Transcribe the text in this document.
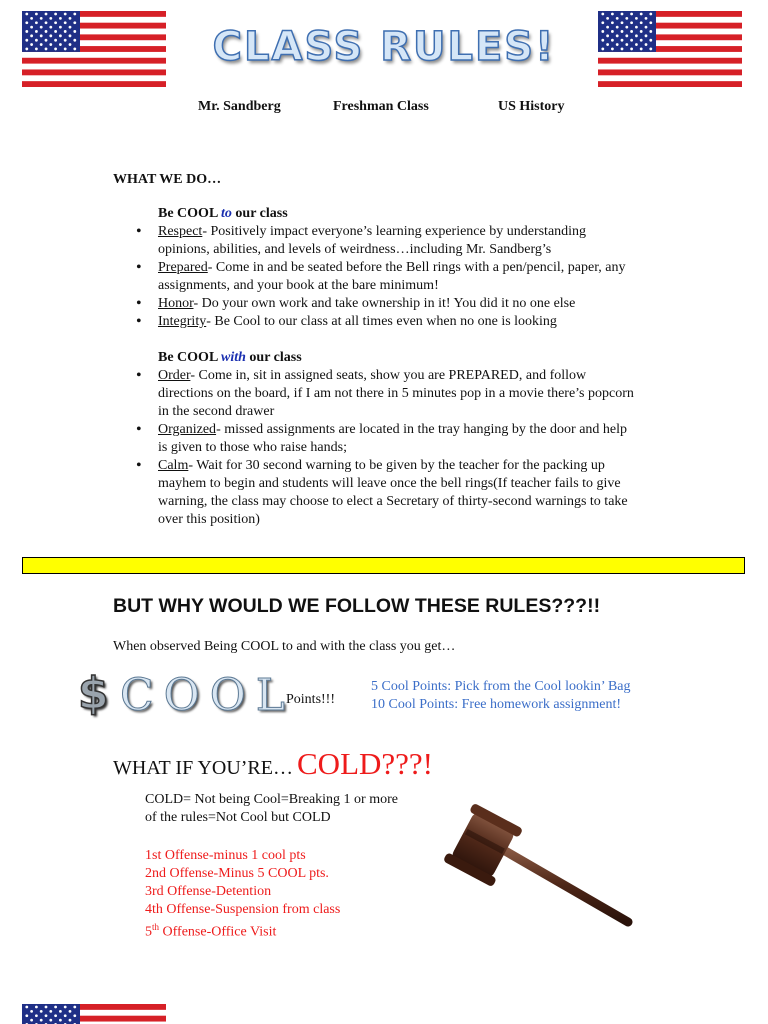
CLASS RULES!
Mr. Sandberg	Freshman Class	US History
WHAT WE DO…
Be COOL to our class
• Respect- Positively impact everyone’s learning experience by understanding opinions, abilities, and levels of weirdness…including Mr. Sandberg’s
• Prepared- Come in and be seated before the Bell rings with a pen/pencil, paper, any assignments, and your book at the bare minimum!
• Honor- Do your own work and take ownership in it! You did it no one else
• Integrity- Be Cool to our class at all times even when no one is looking
Be COOL with our class
• Order- Come in, sit in assigned seats, show you are PREPARED, and follow directions on the board, if I am not there in 5 minutes pop in a movie there’s popcorn in the second drawer
• Organized- missed assignments are located in the tray hanging by the door and help is given to those who raise hands;
• Calm- Wait for 30 second warning to be given by the teacher for the packing up mayhem to begin and students will leave once the bell rings(If teacher fails to give warning, the class may choose to elect a Secretary of thirty-second warnings to take over this position)
BUT WHY WOULD WE FOLLOW THESE RULES???!!
When observed Being COOL to and with the class you get…
$ COOL
Points!!!
5 Cool Points: Pick from the Cool lookin’ Bag
10 Cool Points: Free homework assignment!
WHAT IF YOU’RE… COLD???!
COLD= Not being Cool=Breaking 1 or more
of the rules=Not Cool but COLD
1st Offense-minus 1 cool pts
2nd Offense-Minus 5 COOL pts.
3rd Offense-Detention
4th Offense-Suspension from class
5th Offense-Office Visit
